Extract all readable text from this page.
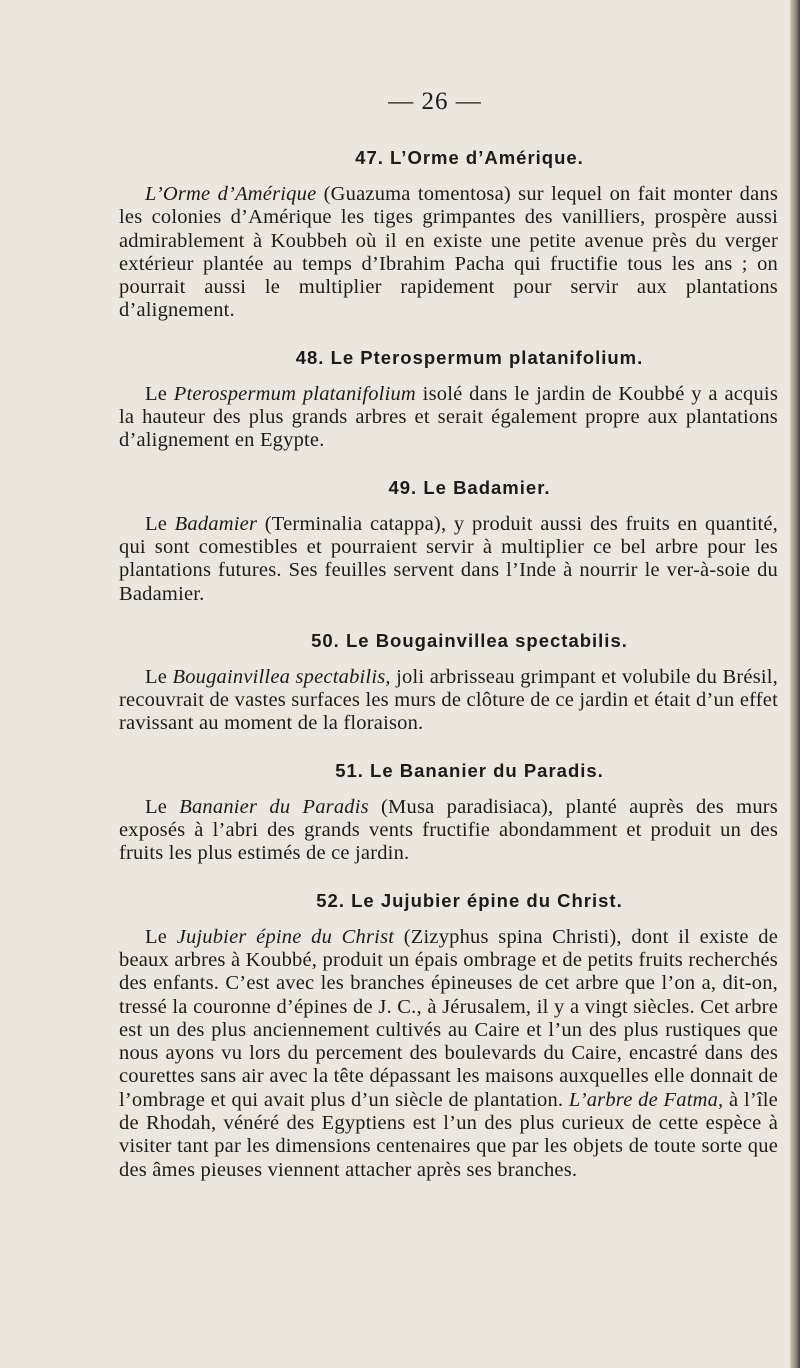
— 26 —
47. L’Orme d’Amérique.

L’Orme d’Amérique (Guazuma tomentosa) sur lequel on fait monter dans les colonies d’Amérique les tiges grimpantes des vanilliers, prospère aussi admirablement à Koubbeh où il en existe une petite avenue près du verger extérieur plantée au temps d’Ibrahim Pacha qui fructifie tous les ans ; on pourrait aussi le multiplier rapidement pour servir aux plantations d’alignement.

48. Le Pterospermum platanifolium.

Le Pterospermum platanifolium isolé dans le jardin de Koubbé y a acquis la hauteur des plus grands arbres et serait également propre aux plantations d’alignement en Egypte.

49. Le Badamier.

Le Badamier (Terminalia catappa), y produit aussi des fruits en quantité, qui sont comestibles et pourraient servir à multiplier ce bel arbre pour les plantations futures. Ses feuilles servent dans l’Inde à nourrir le ver-à-soie du Badamier.

50. Le Bougainvillea spectabilis.

Le Bougainvillea spectabilis, joli arbrisseau grimpant et volubile du Brésil, recouvrait de vastes surfaces les murs de clôture de ce jardin et était d’un effet ravissant au moment de la floraison.

51. Le Bananier du Paradis.

Le Bananier du Paradis (Musa paradisiaca), planté auprès des murs exposés à l’abri des grands vents fructifie abondamment et produit un des fruits les plus estimés de ce jardin.

52. Le Jujubier épine du Christ.

Le Jujubier épine du Christ (Zizyphus spina Christi), dont il existe de beaux arbres à Koubbé, produit un épais ombrage et de petits fruits recherchés des enfants. C’est avec les branches épineuses de cet arbre que l’on a, dit-on, tressé la couronne d’épines de J. C., à Jérusalem, il y a vingt siècles. Cet arbre est un des plus anciennement cultivés au Caire et l’un des plus rustiques que nous ayons vu lors du percement des boulevards du Caire, encastré dans des courettes sans air avec la tête dépassant les maisons auxquelles elle donnait de l’ombrage et qui avait plus d’un siècle de plantation. L’arbre de Fatma, à l’île de Rhodah, vénéré des Egyptiens est l’un des plus curieux de cette espèce à visiter tant par les dimensions centenaires que par les objets de toute sorte que des âmes pieuses viennent attacher après ses branches.
